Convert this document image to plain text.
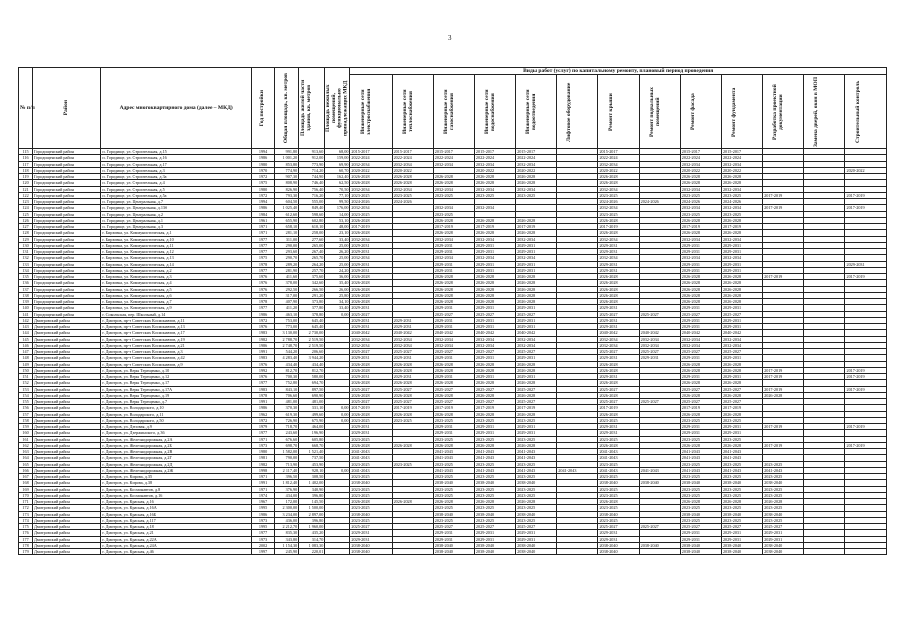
3
№ п/п	Район	Адрес многоквартирного дома (далее – МКД)	Год постройки	Общая площадь, кв. метров	Площадь жилой части здания, кв. метров	Площадь нежилых помещений, функционально принадлежащих МКД	Виды работ (услуг) по капитальному ремонту, плановый период проведения												

							Инженерные сети электроснабжения	Инженерные сети теплоснабжения	Инженерные сети газоснабжения	Инженерные сети водоснабжения	Инженерные сети водоотведения	Лифтовое оборудование	Ремонт крыши	Ремонт подвальных помещений	Ремонт фасада	Ремонт фундамента	Разработка проектной документации	Замена дверей, окон в МОП	Строительный контроль

115	Городищенский район	п. Городище, ул. Строительная, д.15	1994	991,80	913,60	68,00	2015-2017	2015-2017	2015-2017	2015-2017	2015-2017		2015-2017		2015-2017	2015-2017			
116	Городищенский район	п. Городище, ул. Строительная, д.16	1986	1 001,20	912,00	159,00	2022-2024	2022-2024	2022-2024	2022-2024	2022-2024		2022-2024		2022-2024	2022-2024			
117	Городищенский район	п. Городище, ул. Строительная, д.17	1980	853,80	773,90	69,90	2032-2034	2032-2034	2032-2034	2032-2034	2032-2034		2032-2034		2032-2034	2032-2034			
118	Городищенский район	п. Городище, ул. Строительная, д.3	1970	774,90	714,20	60,70	2020-2022	2020-2022		2020-2022	2020-2022		2020-2022		2020-2022	2020-2022			2020-2022
119	Городищенский район	п. Городище, ул. Строительная, д.3а	1972	907,30	744,90	162,40	2026-2028	2026-2028	2026-2028	2026-2028	2026-2028		2026-2028		2026-2028	2026-2028			
120	Городищенский район	п. Городище, ул. Строительная, д.4	1975	808,90	746,40	62,50	2026-2028	2026-2028	2026-2028	2026-2028	2026-2028		2026-2028		2026-2028	2026-2028			
121	Городищенский район	п. Городище, ул. Строительная, д.5	1980	826,90	756,40	70,50	2032-2034	2032-2034	2032-2034	2032-2034	2032-2034		2032-2034		2032-2034	2032-2034			
122	Городищенский район	п. Городище, ул. Строительная, д.5а	1972	793,30	716,20	77,10	2023-2025	2023-2025	2023-2025	2023-2025	2023-2025		2023-2025		2023-2025	2023-2025	2017-2019		2017-2019
123	Городищенский район	п. Городище, ул. Центральная, д.7	1994	604,50	555,00	99,50	2024-2026	2024-2026					2024-2026	2024-2026	2024-2026	2024-2026			
124	Городищенский район	п. Городище, ул. Центральная, д.13б	1986	1 025,40	849,40	176,00	2032-2034		2032-2034	2032-2034			2032-2034		2032-2034	2032-2034	2017-2019		2017-2019
125	Городищенский район	п. Городище, ул. Центральная, д.2	1984	612,60	598,60	14,00	2023-2025		2023-2025				2023-2025		2023-2025	2023-2025			
126	Городищенский район	п. Городище, ул. Центральная, д.1	1961	655,90	602,80	53,10	2026-2028		2026-2028	2026-2028	2026-2028		2026-2028		2026-2028	2026-2028			
127	Городищенский район	п. Городище, ул. Центральная, д.3	1971	658,10	610,10	48,00	2017-2019		2017-2019	2017-2019	2017-2019		2017-2019		2017-2019	2017-2019			
128	Городищенский район	г. Бирзовка, ул. Коммунистическая, д.1	1971	281,10	258,00	23,10	2026-2028		2026-2028	2026-2028	2026-2028		2026-2028		2026-2028	2026-2028			
129	Городищенский район	г. Бирзовка, ул. Коммунистическая, д.10	1977	311,00	277,60	33,40	2032-2034		2032-2034	2032-2034	2032-2034		2032-2034		2032-2034	2032-2034			
130	Городищенский район	г. Бирзовка, ул. Коммунистическая, д.11	1977	290,00	265,00	25,00	2029-2031		2029-2031	2029-2031	2029-2031		2029-2031		2029-2031	2029-2031			
131	Городищенский район	г. Бирзовка, ул. Коммунистическая, д.12	1977	293,60	267,40	26,20	2029-2031		2029-2031	2029-2031	2029-2031		2029-2031		2029-2031	2029-2031			
132	Городищенский район	г. Бирзовка, ул. Коммунистическая, д.13	1975	290,70	265,70	25,00	2032-2034		2032-2034	2032-2034	2032-2034		2032-2034		2032-2034	2032-2034			
133	Городищенский район	г. Бирзовка, ул. Коммунистическая, д.14	1978	289,20	264,20	25,00	2029-2031		2029-2031	2029-2031	2029-2031		2029-2031		2029-2031	2029-2031			2029-2031
134	Городищенский район	г. Бирзовка, ул. Коммунистическая, д.2	1977	281,90	257,70	24,20	2029-2031		2029-2031	2029-2031	2029-2031		2029-2031		2029-2031	2029-2031			
135	Городищенский район	г. Бирзовка, ул. Коммунистическая, д.3	1976	411,60	375,60	36,00	2026-2028		2026-2028	2026-2028	2026-2028		2026-2028		2026-2028	2026-2028	2017-2019		2017-2019
136	Городищенский район	г. Бирзовка, ул. Коммунистическая, д.4	1976	378,00	342,60	35,40	2026-2028		2026-2028	2026-2028	2026-2028		2026-2028		2026-2028	2026-2028			
137	Городищенский район	г. Бирзовка, ул. Коммунистическая, д.5	1976	292,50	266,50	26,00	2026-2028		2026-2028	2026-2028	2026-2028		2026-2028		2026-2028	2026-2028			
138	Городищенский район	г. Бирзовка, ул. Коммунистическая, д.6	1975	317,00	291,20	25,80	2026-2028		2026-2028	2026-2028	2026-2028		2026-2028		2026-2028	2026-2028			
139	Городищенский район	г. Бирзовка, ул. Коммунистическая, д.7	1978	407,90	373,80	34,10	2026-2028		2026-2028	2026-2028	2026-2028		2026-2028		2026-2028	2026-2028			
140	Городищенский район	г. Бирзовка, ул. Коммунистическая, д.9	1977	411,20	377,80	33,40	2029-2031		2029-2031	2029-2031	2029-2031		2029-2031		2029-2031	2029-2031			
141	Городищенский район	г. Сокольская, пер. Школьный, д.14	1986	463,10	378,80	0,00	2025-2027		2025-2027	2025-2027	2025-2027		2025-2027	2025-2027	2025-2027	2025-2027			
142	Дмитровский район	г. Дмитров, пр-т Советских Космонавтов, д.11	1972	753,00	645,40		2029-2031	2029-2031	2029-2031	2029-2031	2029-2031		2029-2031		2029-2031	2029-2031			
143	Дмитровский район	г. Дмитров, пр-т Советских Космонавтов, д.13	1976	773,00	645,40		2029-2031	2029-2031	2029-2031	2029-2031	2029-2031		2029-2031		2029-2031	2029-2031			
144	Дмитровский район	г. Дмитров, пр-т Советских Космонавтов, д.17	1983	3 130,00	2 730,00		2040-2042	2040-2042	2040-2042	2040-2042	2040-2042		2040-2042	2040-2042	2040-2042	2040-2042			
145	Дмитровский район	г. Дмитров, пр-т Советских Космонавтов, д.19	1982	2 788,70	2 519,50		2032-2034	2032-2034	2032-2034	2032-2034	2032-2034		2032-2034	2032-2034	2032-2034	2032-2034			
146	Дмитровский район	г. Дмитров, пр-т Советских Космонавтов, д.21	1986	2 748,70	2 519,50		2032-2034	2032-2034	2032-2034	2032-2034	2032-2034		2032-2034	2032-2034	2032-2034	2032-2034			
147	Дмитровский район	г. Дмитров, пр-т Советских Космонавтов, д.3	1991	544,20	206,60		2025-2027	2025-2027	2025-2027	2025-2027	2025-2027		2025-2027	2025-2027	2025-2027	2025-2027			
148	Дмитровский район	г. Дмитров, пр-т Советских Космонавтов, д.42	1983	4 283,40	3 944,20		2029-2031	2029-2031	2029-2031	2029-2031	2029-2031		2029-2031	2029-2031	2029-2031	2029-2031			
149	Дмитровский район	г. Дмитров, пр-т Советских Космонавтов, д.9	1976	434,40	434,40		2026-2028	2026-2028	2026-2028	2026-2028	2026-2028		2026-2028		2026-2028	2026-2028			
150	Дмитровский район	г. Дмитров, ул. Веры Терещенко, д.10	1992	812,70	812,70		2026-2028	2026-2028	2026-2028	2026-2028	2026-2028		2026-2028		2026-2028	2026-2028	2017-2019		2017-2019
151	Дмитровский район	г. Дмитров, ул. Веры Терещенко, д.12	1976	700,30	580,00		2029-2031	2029-2031	2029-2031	2029-2031	2029-2031		2029-2031		2029-2031	2029-2031	2017-2019		2017-2019
152	Дмитровский район	г. Дмитров, ул. Веры Терещенко, д.17	1977	752,80	694,70		2026-2028	2026-2028	2026-2028	2026-2028	2026-2028		2026-2028		2026-2028	2026-2028			
153	Дмитровский район	г. Дмитров, ул. Веры Терещенко, д.17А	1983	843,10	897,50		2025-2027	2025-2027	2025-2027	2025-2027	2025-2027		2025-2027		2025-2027	2025-2027	2017-2019		2017-2019
154	Дмитровский район	г. Дмитров, ул. Веры Терещенко, д.19	1978	706,60	690,90		2026-2028	2026-2028	2026-2028	2026-2028	2026-2028		2026-2028		2026-2028	2026-2028	2026-2028		
155	Дмитровский район	г. Дмитров, ул. Веры Терещенко, д.7	1991	481,00	481,00		2025-2027	2025-2027	2025-2027	2025-2027	2025-2027		2025-2027	2025-2027	2025-2027	2025-2027			
156	Дмитровский район	г. Дмитров, ул. Володарского, д.10	1986	370,30	331,10	0,00	2017-2019	2017-2019	2017-2019	2017-2019	2017-2019		2017-2019		2017-2019	2017-2019			
157	Дмитровский район	г. Дмитров, ул. Володарского, д.11	1962	619,30	499,60	0,00	2026-2028	2026-2028	2026-2028	2026-2028	2026-2028		2026-2028		2026-2028	2026-2028			
158	Дмитровский район	г. Дмитров, ул. Володарского, д.50	1972	726,90	675,90	0,00	2023-2025	2023-2025	2023-2025	2023-2025	2023-2025		2023-2025		2023-2025	2023-2025			
159	Дмитровский район	г. Дмитров, ул. Деповая, д.9	1979	718,70	464,00		2029-2031		2029-2031	2029-2031	2029-2031		2029-2031		2029-2031	2029-2031	2017-2019		2017-2019
160	Дмитровский район	г. Дмитров, ул. Дзержинского, д.36	1977	243,60	196,90		2029-2031		2029-2031	2029-2031	2029-2031		2029-2031		2029-2031	2029-2031			
161	Дмитровский район	г. Дмитров, ул. Железнодорожная, д.2А	1971	676,60	605,80		2023-2025		2023-2025	2023-2025	2023-2025		2023-2025		2023-2025	2023-2025			
162	Дмитровский район	г. Дмитров, ул. Железнодорожная, д.2Б	1973	698,70	668,70		2026-2028	2026-2028	2026-2028	2026-2028	2026-2028		2026-2028		2026-2028	2026-2028	2017-2019		2017-2019
163	Дмитровский район	г. Дмитров, ул. Железнодорожная, д.2В	1980	1 582,00	1 521,40		2041-2043		2041-2043	2041-2043	2041-2043		2041-2043		2041-2043	2041-2043			
164	Дмитровский район	г. Дмитров, ул. Железнодорожная, д.2Г	1981	790,00	737,50		2041-2043		2041-2043	2041-2043	2041-2043		2041-2043		2041-2043	2041-2043			
165	Дмитровский район	г. Дмитров, ул. Железнодорожная, д.2Д	1982	713,90	453,90		2023-2025	2023-2025	2023-2025	2023-2025	2023-2025		2023-2025		2023-2025	2023-2025	2023-2025		
166	Дмитровский район	г. Дмитров, ул. Железнодорожная, д.2Ж	1998	2 117,40	928,10	0,00	2041-2043		2041-2043	2041-2043	2041-2043	2041-2043	2041-2043	2041-2043	2041-2043	2041-2043	2041-2043		
167	Дмитровский район	г. Дмитров, ул. Кирова, д.35	1971	396,50	308,50		2023-2025		2023-2025	2023-2025	2023-2025		2023-2025		2023-2025	2023-2025	2023-2025		
168	Дмитровский район	г. Дмитров, ул. Кирова, д.38	1991	1 812,40	1 402,00		2038-2040		2038-2040	2038-2040	2038-2040		2038-2040	2038-2040	2038-2040	2038-2040	2038-2040		
169	Дмитровский район	г. Дмитров, ул. Космонавтов, д.8	1971	376,90	340,90		2023-2025		2023-2025	2023-2025	2023-2025		2023-2025		2023-2025	2023-2025	2023-2025		
170	Дмитровский район	г. Дмитров, ул. Космонавтов, д.16	1974	434,00	396,80		2023-2025		2023-2025	2023-2025	2023-2025		2023-2025		2023-2025	2023-2025	2023-2025		
171	Дмитровский район	г. Дмитров, ул. Красная, д.16	1967	172,00	145,50		2026-2028	2026-2028	2026-2028	2026-2028	2026-2028		2026-2028		2026-2028	2026-2028	2026-2028		
172	Дмитровский район	г. Дмитров, ул. Красная, д.16А	1995	2 300,00	1 500,00		2023-2025		2023-2025	2023-2025	2023-2025		2023-2025		2023-2025	2023-2025	2023-2025		
173	Дмитровский район	г. Дмитров, ул. Красная, д.16Б	1986	3 234,00	2 897,00		2038-2040		2038-2040	2038-2040	2038-2040		2038-2040		2038-2040	2038-2040	2038-2040		
174	Дмитровский район	г. Дмитров, ул. Красная, д.117	1973	436,00	396,80		2023-2025		2023-2025	2023-2025	2023-2025		2023-2025		2023-2025	2023-2025	2023-2025		
175	Дмитровский район	г. Дмитров, ул. Красная, д.18	1995	2 212,70	1 960,00		2025-2027		2025-2027	2025-2027	2025-2027		2025-2027	2025-2027	2025-2027	2025-2027	2025-2027		
176	Дмитровский район	г. Дмитров, ул. Красная, д.21	1977	835,30	435,20		2029-2031		2029-2031	2029-2031	2029-2031		2029-2031		2029-2031	2029-2031	2029-2031		
177	Дмитровский район	г. Дмитров, ул. Красная, д.22А	1973	343,80	314,70		2029-2031		2029-2031	2029-2031	2029-2031		2029-2031		2029-2031	2029-2031	2029-2031		
178	Дмитровский район	г. Дмитров, ул. Красная, д.24А	2002	1 154,30	1 083,30		2038-2040		2038-2040	2038-2040	2038-2040		2038-2040	2038-2040	2038-2040	2038-2040	2038-2040		
179	Дмитровский район	г. Дмитров, ул. Красная, д.46	1997	245,90	220,01		2038-2040		2038-2040	2038-2040	2038-2040		2038-2040		2038-2040	2038-2040	2038-2040		
